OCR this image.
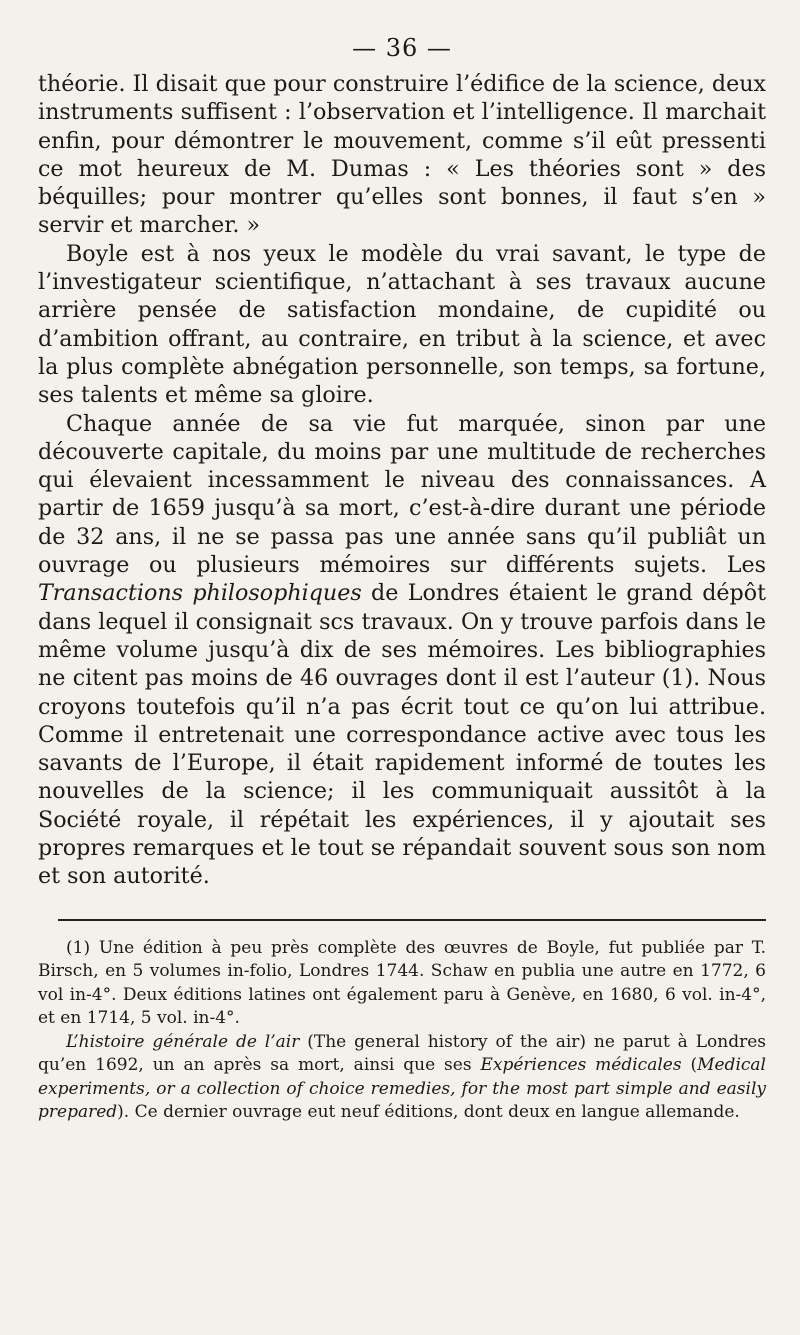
— 36 —

théorie. Il disait que pour construire l’édifice de la science, deux instruments suffisent : l’observation et l’intelligence. Il marchait enfin, pour démontrer le mouvement, comme s’il eût pressenti ce mot heureux de M. Dumas : « Les théories sont » des béquilles; pour montrer qu’elles sont bonnes, il faut s’en » servir et marcher. »

Boyle est à nos yeux le modèle du vrai savant, le type de l’investigateur scientifique, n’attachant à ses travaux aucune arrière pensée de satisfaction mondaine, de cupidité ou d’ambition offrant, au contraire, en tribut à la science, et avec la plus complète abnégation personnelle, son temps, sa fortune, ses talents et même sa gloire.

Chaque année de sa vie fut marquée, sinon par une découverte capitale, du moins par une multitude de recherches qui élevaient incessamment le niveau des connaissances. A partir de 1659 jusqu’à sa mort, c’est-à-dire durant une période de 32 ans, il ne se passa pas une année sans qu’il publiât un ouvrage ou plusieurs mémoires sur différents sujets. Les Transactions philosophiques de Londres étaient le grand dépôt dans lequel il consignait scs travaux. On y trouve parfois dans le même volume jusqu’à dix de ses mémoires. Les bibliographies ne citent pas moins de 46 ouvrages dont il est l’auteur (1). Nous croyons toutefois qu’il n’a pas écrit tout ce qu’on lui attribue. Comme il entretenait une correspondance active avec tous les savants de l’Europe, il était rapidement informé de toutes les nouvelles de la science; il les communiquait aussitôt à la Société royale, il répétait les expériences, il y ajoutait ses propres remarques et le tout se répandait souvent sous son nom et son autorité.

(1) Une édition à peu près complète des œuvres de Boyle, fut publiée par T. Birsch, en 5 volumes in-folio, Londres 1744. Schaw en publia une autre en 1772, 6 vol in-4°. Deux éditions latines ont également paru à Genève, en 1680, 6 vol. in-4°, et en 1714, 5 vol. in-4°.

L’histoire générale de l’air (The general history of the air) ne parut à Londres qu’en 1692, un an après sa mort, ainsi que ses Expériences médicales (Medical experiments, or a collection of choice remedies, for the most part simple and easily prepared). Ce dernier ouvrage eut neuf éditions, dont deux en langue allemande.
